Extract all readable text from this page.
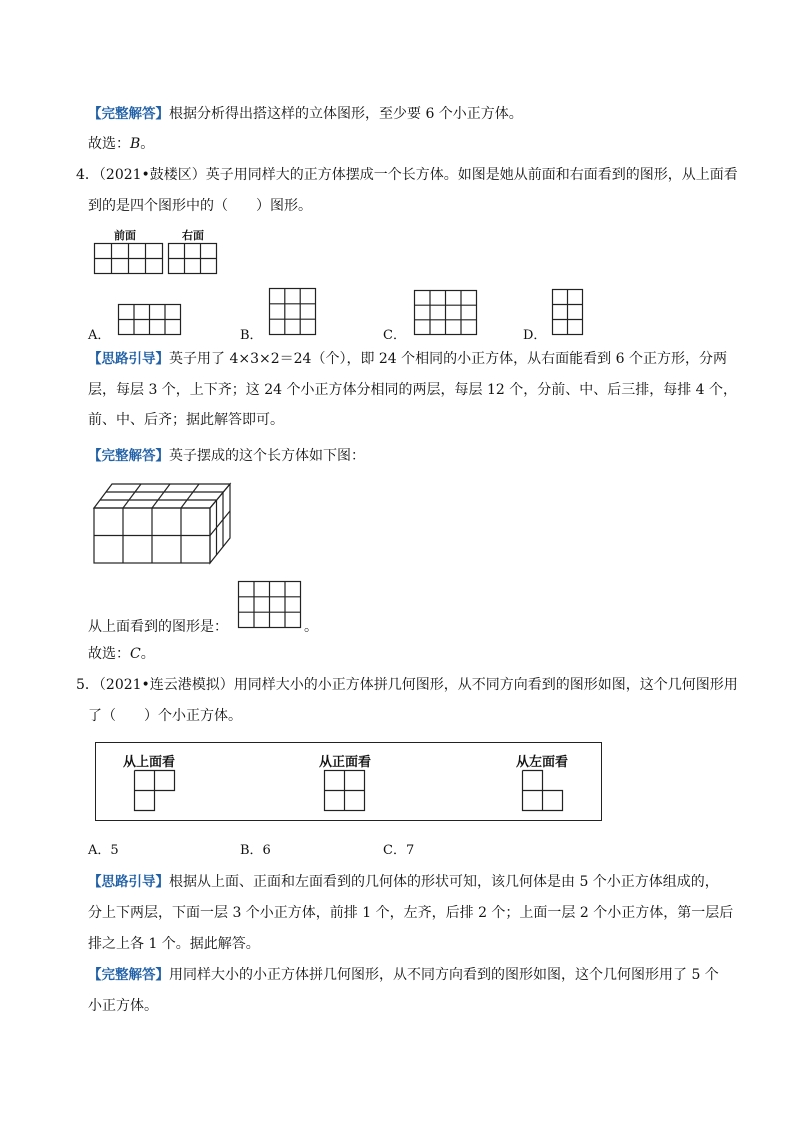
【完整解答】根据分析得出搭这样的立体图形，至少要 6 个小正方体。
故选：B。
4．（2021•鼓楼区）英子用同样大的正方体摆成一个长方体。如图是她从前面和右面看到的图形，从上面看
到的是四个图形中的（　　）图形。
前面	右面
A．	B．	C．	D．
【思路引导】英子用了 4×3×2＝24（个），即 24 个相同的小正方体，从右面能看到 6 个正方形，分两
层，每层 3 个，上下齐；这 24 个小正方体分相同的两层，每层 12 个，分前、中、后三排，每排 4 个，
前、中、后齐；据此解答即可。
【完整解答】英子摆成的这个长方体如下图：
从上面看到的图形是：	。
故选：C。
5．（2021•连云港模拟）用同样大小的小正方体拼几何图形，从不同方向看到的图形如图，这个几何图形用
了（　　）个小正方体。
从上面看	从正面看	从左面看
A．5	B．6	C．7
【思路引导】根据从上面、正面和左面看到的几何体的形状可知，该几何体是由 5 个小正方体组成的，
分上下两层，下面一层 3 个小正方体，前排 1 个，左齐，后排 2 个；上面一层 2 个小正方体，第一层后
排之上各 1 个。据此解答。
【完整解答】用同样大小的小正方体拼几何图形，从不同方向看到的图形如图，这个几何图形用了 5 个
小正方体。
